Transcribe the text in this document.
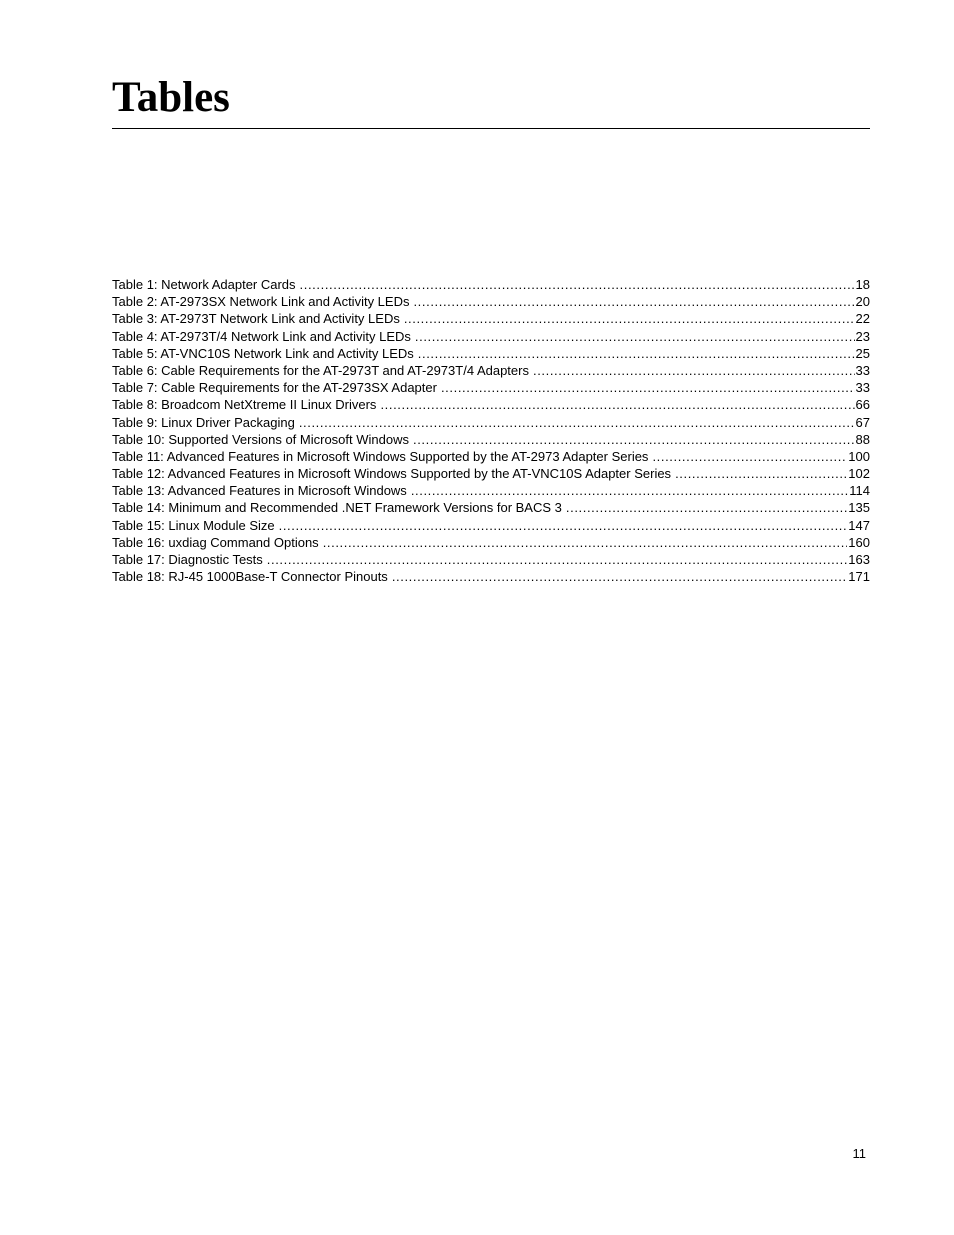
Tables
Table 1: Network Adapter Cards .....	18
Table 2: AT-2973SX Network Link and Activity LEDs .....	20
Table 3: AT-2973T Network Link and Activity LEDs .....	22
Table 4: AT-2973T/4 Network Link and Activity LEDs .....	23
Table 5: AT-VNC10S Network Link and Activity LEDs .....	25
Table 6: Cable Requirements for the AT-2973T and AT-2973T/4 Adapters .....	33
Table 7: Cable Requirements for the AT-2973SX Adapter .....	33
Table 8: Broadcom NetXtreme II Linux Drivers .....	66
Table 9: Linux Driver Packaging .....	67
Table 10: Supported Versions of Microsoft Windows .....	88
Table 11: Advanced Features in Microsoft Windows Supported by the AT-2973 Adapter Series .....	100
Table 12: Advanced Features in Microsoft Windows Supported by the AT-VNC10S Adapter Series .....	102
Table 13: Advanced Features in Microsoft Windows .....	114
Table 14: Minimum and Recommended .NET Framework Versions for BACS 3 .....	135
Table 15: Linux Module Size .....	147
Table 16: uxdiag Command Options .....	160
Table 17: Diagnostic Tests .....	163
Table 18: RJ-45 1000Base-T Connector Pinouts .....	171
11
